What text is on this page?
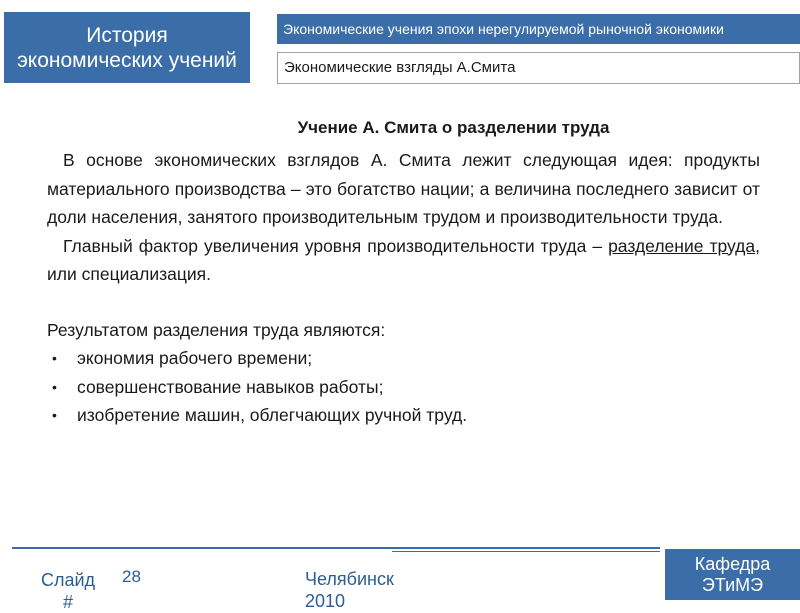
История
экономических учений
Экономические учения эпохи нерегулируемой рыночной экономики
Экономические взгляды А.Смита

Учение А. Смита о разделении труда

В основе экономических взглядов А. Смита лежит следующая идея: продукты материального производства – это богатство нации; а величина последнего зависит от доли населения, занятого производительным трудом и производительности труда.

Главный фактор увеличения уровня производительности труда – разделение труда, или специализация.

Результатом разделения труда являются:

• экономия рабочего времени;
• совершенствование навыков работы;
• изобретение машин, облегчающих ручной труд.
Слайд
#
28	Челябинск
2010
Кафедра
ЭТиМЭ
